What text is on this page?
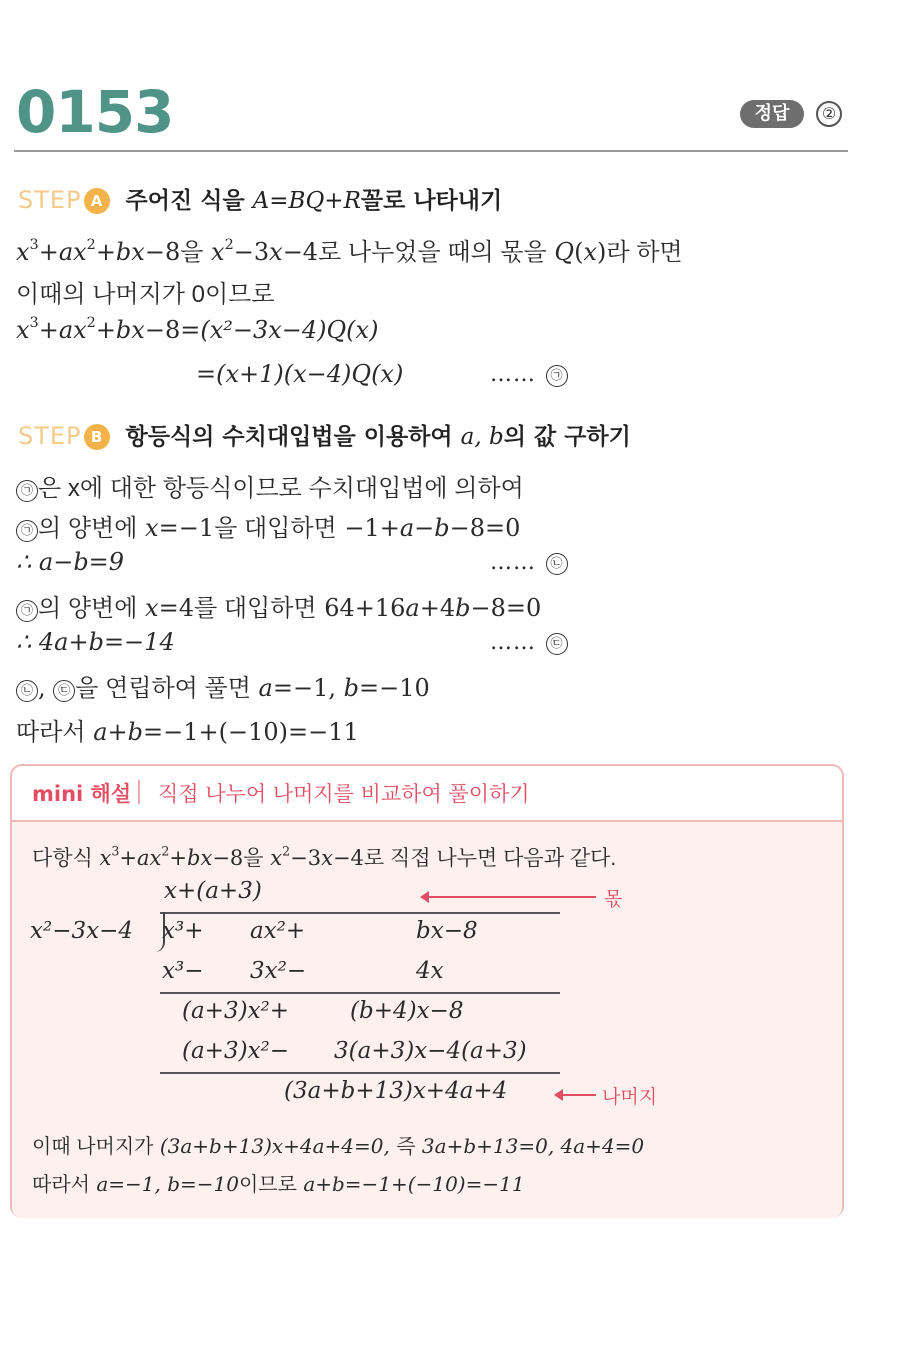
0153	정답	②
STEP A 주어진 식을 A=BQ+R꼴로 나타내기
$x^3+ax^2+bx-8$을 $x^2-3x-4$로 나누었을 때의 몫을 Q(x)라 하면
이때의 나머지가 0이므로
$x^3+ax^2+bx-8=(x^2-3x-4)Q(x)$
=(x+1)(x−4)Q(x)	…… ㉠
STEP B 항등식의 수치대입법을 이용하여 a, b의 값 구하기
㉠ 은 x에 대한 항등식이므로 수치대입법에 의하여
㉠ 의 양변에 x=−1을 대입하면 −1+a−b−8=0
∴ a−b=9	…… ㉡
㉠ 의 양변에 x=4를 대입하면 64+16a+4b−8=0
∴ 4a+b=−14	…… ㉢
㉡ , ㉢ 을 연립하여 풀면 a=−1, b=−10
따라서 a+b=−1+(−10)=−11
mini 해설 직접 나누어 나머지를 비교하여 풀이하기
다항식 $x^3+ax^2+bx-8$을 $x^2-3x-4$로 직접 나누면 다음과 같다.
x+(a+3)	몫
x²−3x−4 x³+ ax²+	bx−8
x³− 3x²−	4x
(a+3)x²+	(b+4)x−8
(a+3)x²− 3(a+3)x−4(a+3)
(3a+b+13)x+4a+4	나머지
이때 나머지가 (3a+b+13)x+4a+4=0, 즉 3a+b+13=0, 4a+4=0
따라서 a=−1, b=−10이므로 a+b=−1+(−10)=−11
